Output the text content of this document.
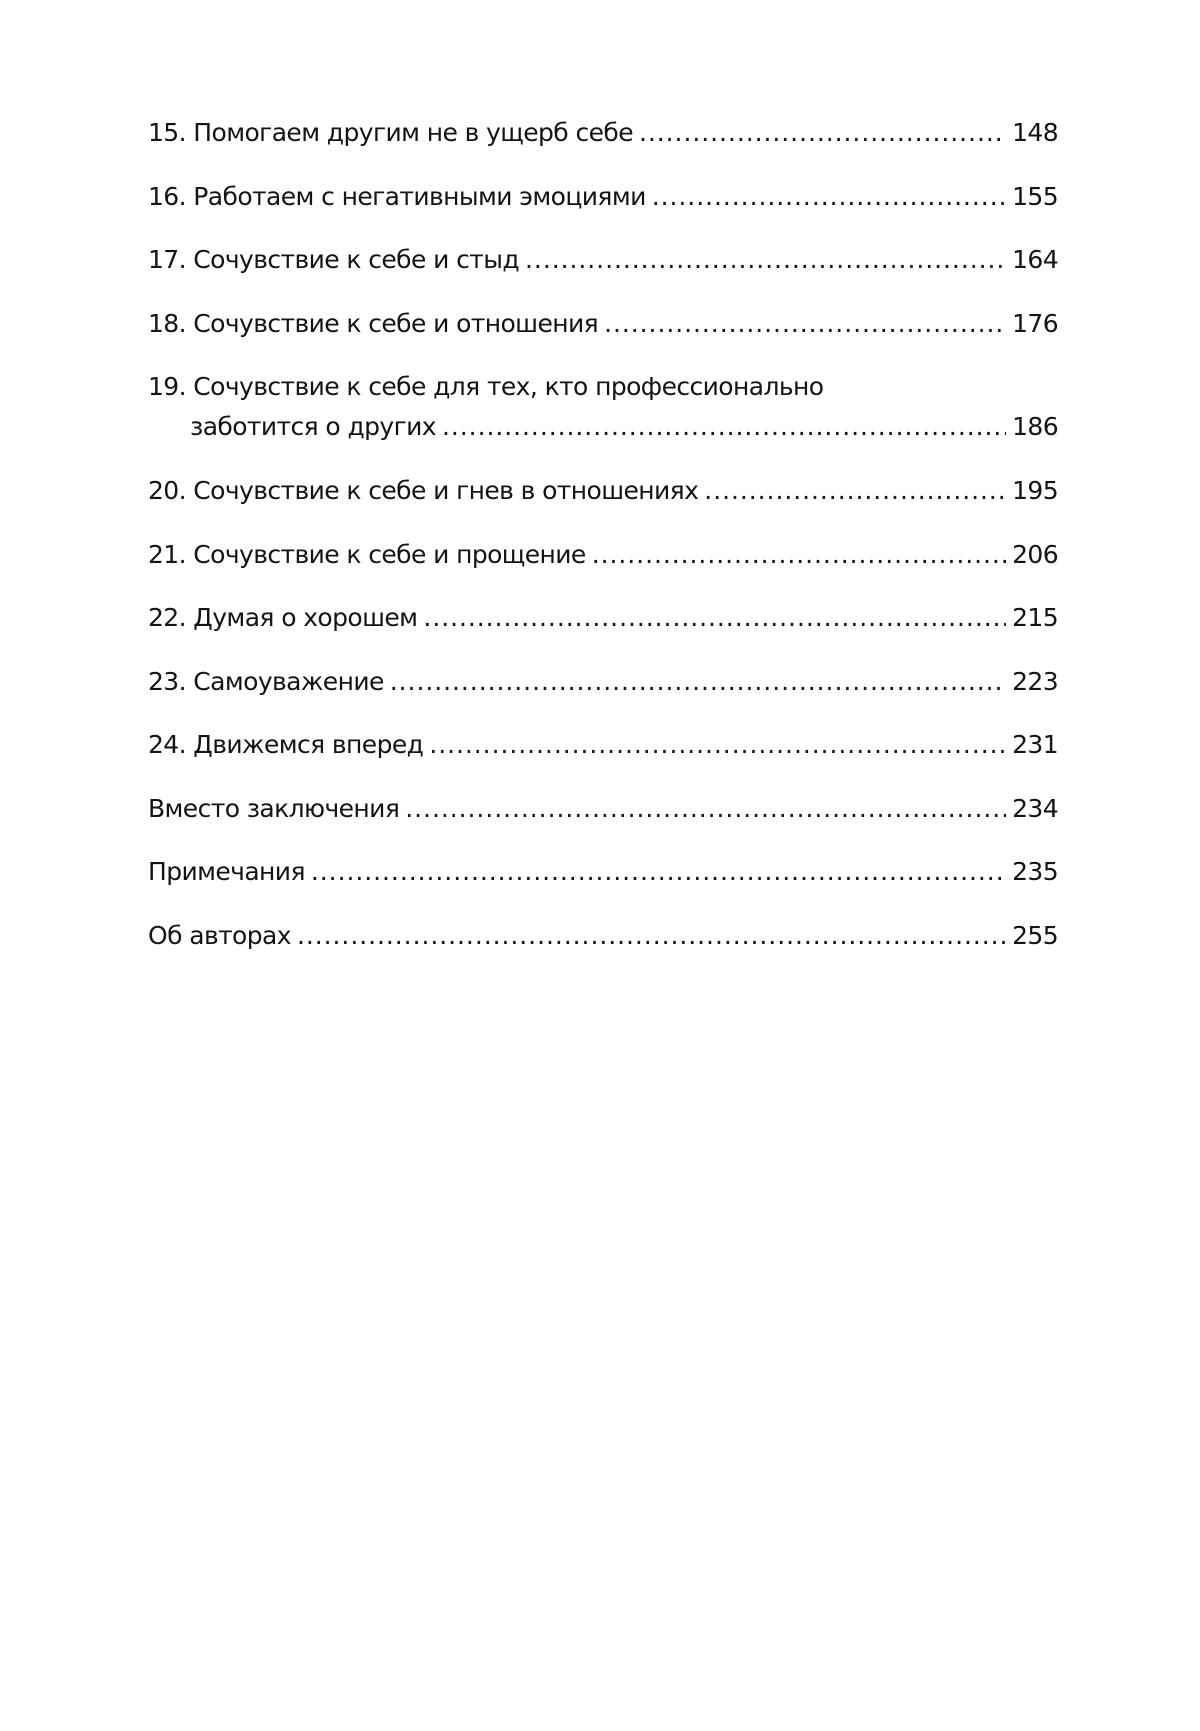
15. Помогаем другим не в ущерб себе . . .	148
16. Работаем с негативными эмоциями . . .	155
17. Сочувствие к себе и стыд . . .	164
18. Сочувствие к себе и отношения . . .	176
19. Сочувствие к себе для тех, кто профессионально
заботится о других . . .	186
20. Сочувствие к себе и гнев в отношениях . . .	195
21. Сочувствие к себе и прощение . . .	206
22. Думая о хорошем . . .	215
23. Самоуважение . . .	223
24. Движемся вперед . . .	231
Вместо заключения . . .	234
Примечания . . .	235
Об авторах . . .	255
